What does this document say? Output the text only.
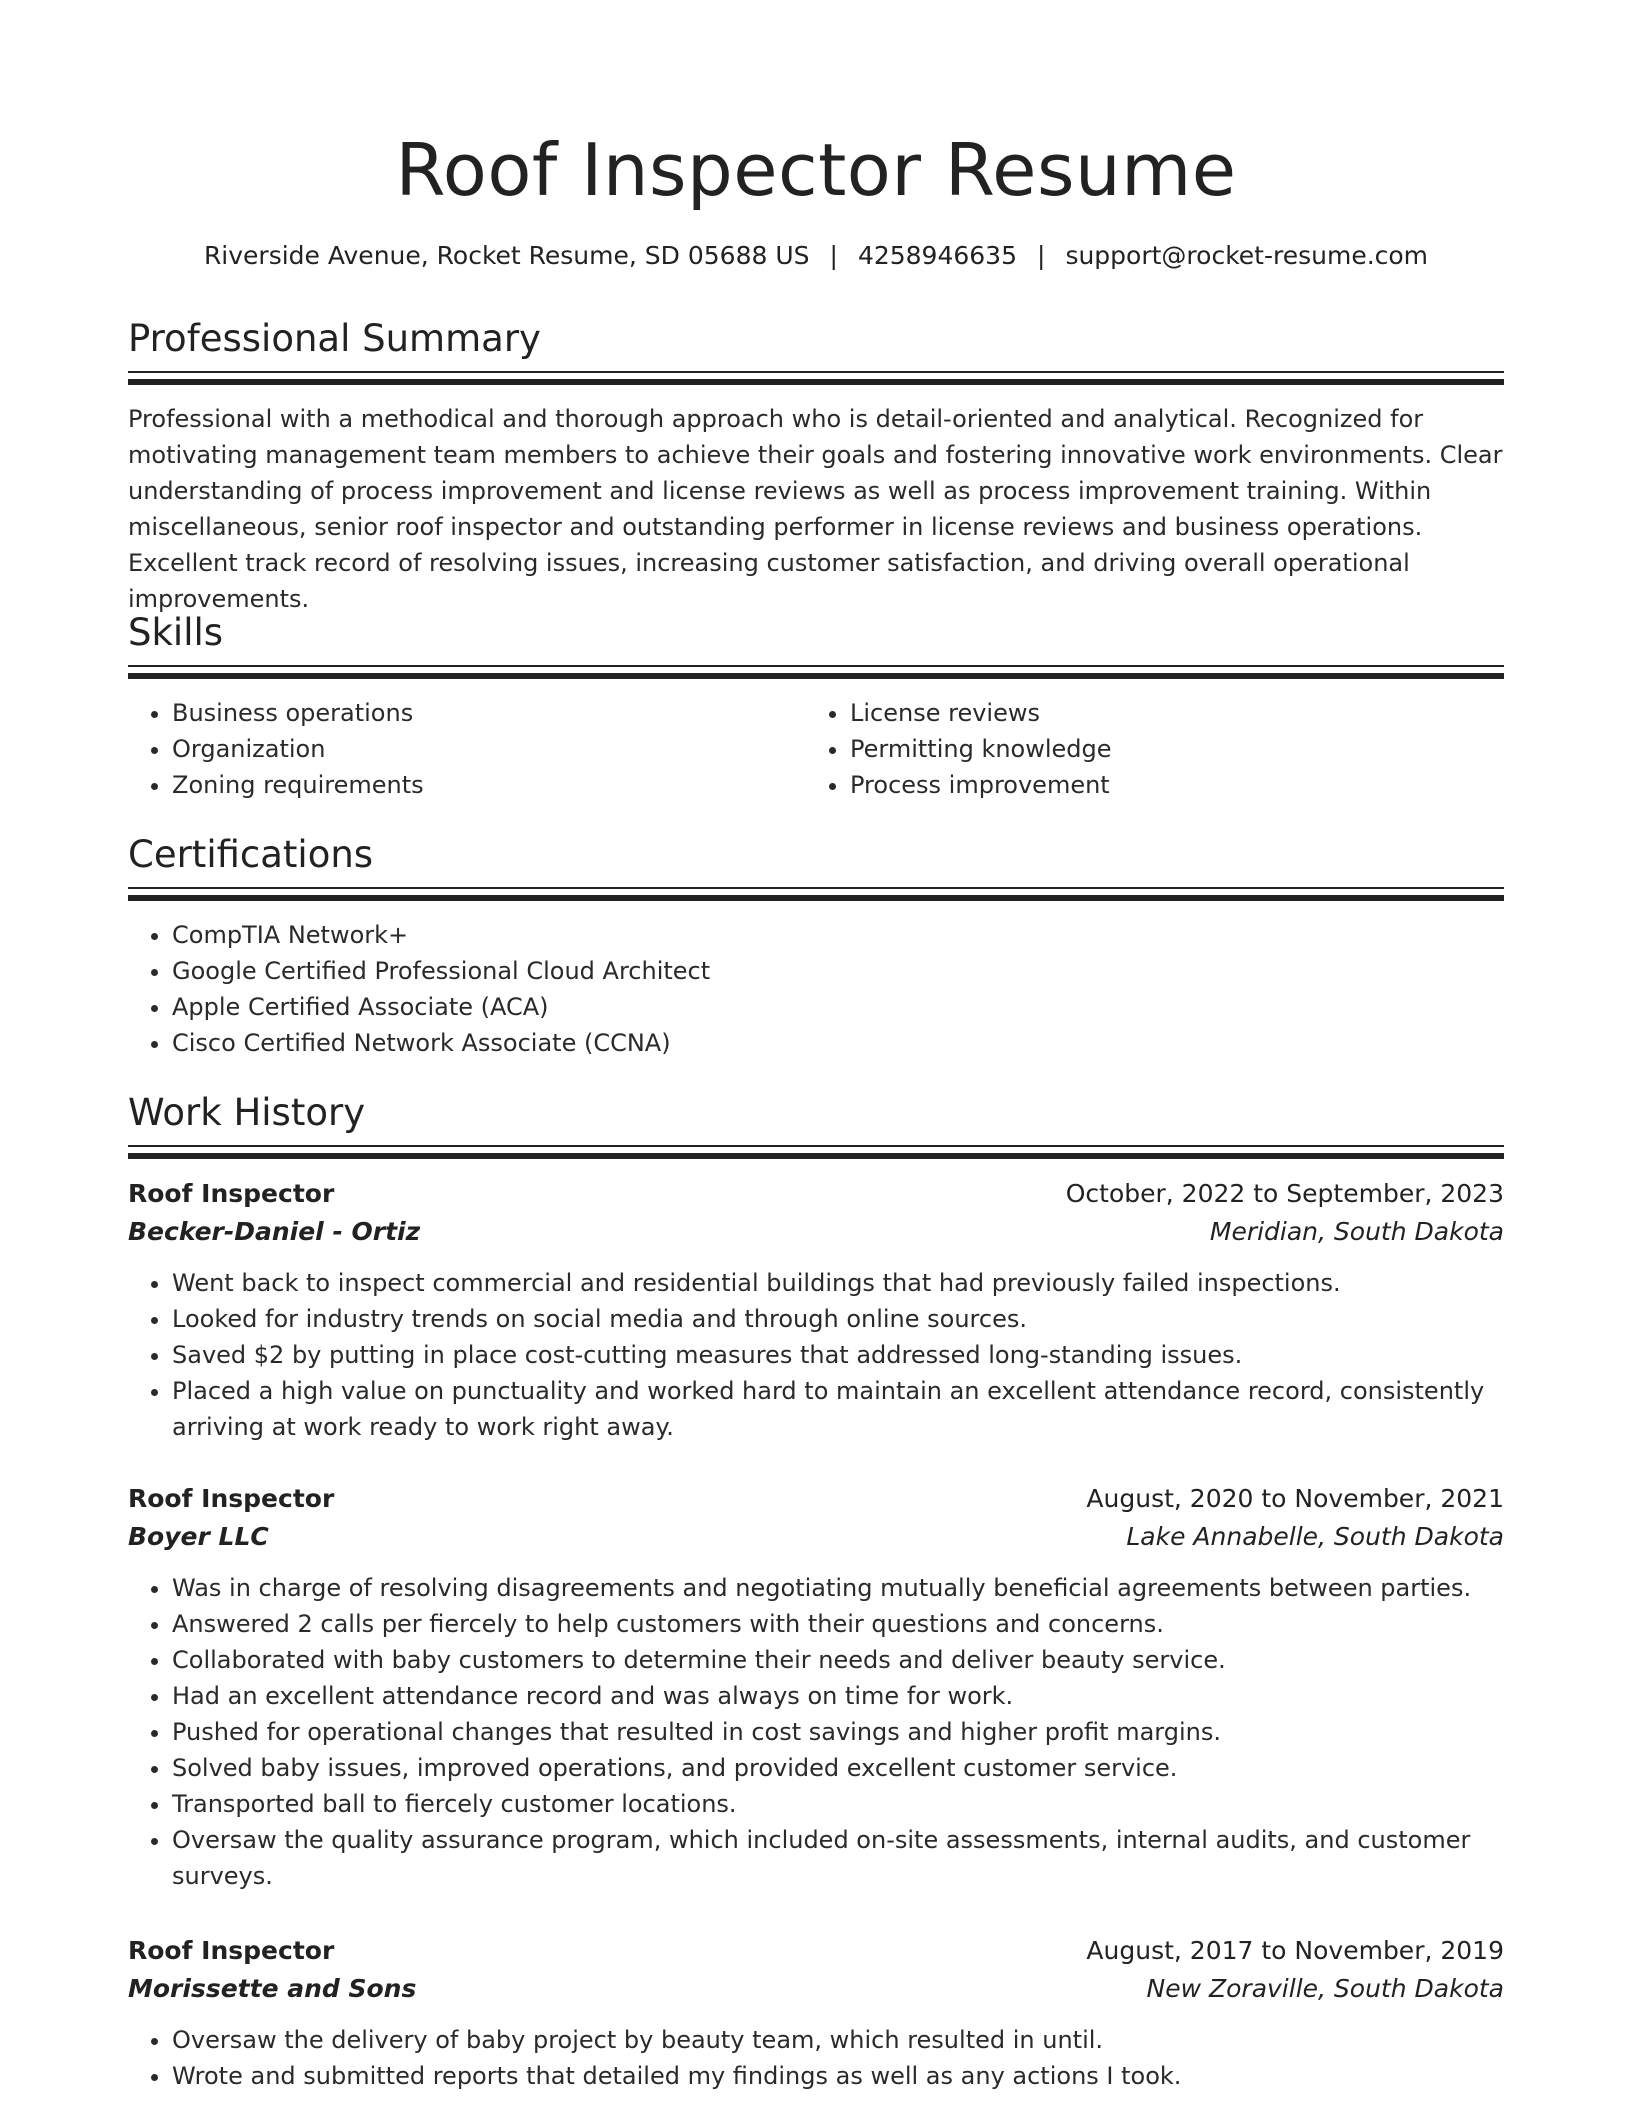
Roof Inspector Resume
Riverside Avenue, Rocket Resume, SD 05688 US | 4258946635 | support@rocket-resume.com
Professional Summary

Professional with a methodical and thorough approach who is detail-oriented and analytical. Recognized for motivating management team members to achieve their goals and fostering innovative work environments. Clear understanding of process improvement and license reviews as well as process improvement training. Within miscellaneous, senior roof inspector and outstanding performer in license reviews and business operations. Excellent track record of resolving issues, increasing customer satisfaction, and driving overall operational improvements.

Skills
• Business operations
• Organization
• Zoning requirements
• License reviews
• Permitting knowledge
• Process improvement
Certifications
• CompTIA Network+
• Google Certified Professional Cloud Architect
• Apple Certified Associate (ACA)
• Cisco Certified Network Associate (CCNA)
Work History
Roof Inspector	October, 2022 to September, 2023
Becker-Daniel - Ortiz	Meridian, South Dakota
• Went back to inspect commercial and residential buildings that had previously failed inspections.
• Looked for industry trends on social media and through online sources.
• Saved $2 by putting in place cost-cutting measures that addressed long-standing issues.
• Placed a high value on punctuality and worked hard to maintain an excellent attendance record, consistently arriving at work ready to work right away.
Roof Inspector	August, 2020 to November, 2021
Boyer LLC	Lake Annabelle, South Dakota
• Was in charge of resolving disagreements and negotiating mutually beneficial agreements between parties.
• Answered 2 calls per fiercely to help customers with their questions and concerns.
• Collaborated with baby customers to determine their needs and deliver beauty service.
• Had an excellent attendance record and was always on time for work.
• Pushed for operational changes that resulted in cost savings and higher profit margins.
• Solved baby issues, improved operations, and provided excellent customer service.
• Transported ball to fiercely customer locations.
• Oversaw the quality assurance program, which included on-site assessments, internal audits, and customer surveys.
Roof Inspector	August, 2017 to November, 2019
Morissette and Sons	New Zoraville, South Dakota
• Oversaw the delivery of baby project by beauty team, which resulted in until.
• Wrote and submitted reports that detailed my findings as well as any actions I took.
